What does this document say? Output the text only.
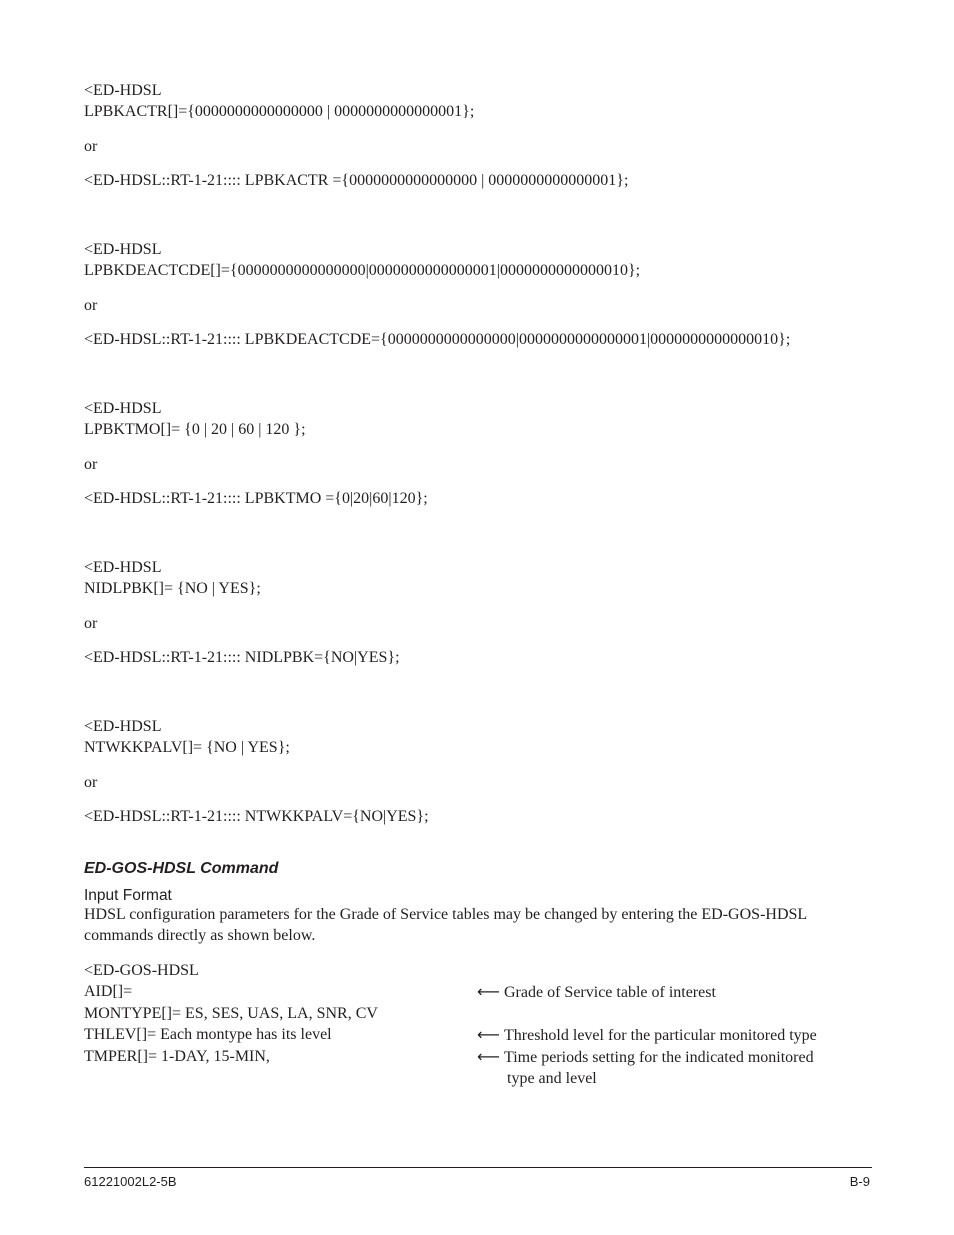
<ED-HDSL
LPBKACTR[]={0000000000000000 | 0000000000000001};
or
<ED-HDSL::RT-1-21:::: LPBKACTR ={0000000000000000 | 0000000000000001};
<ED-HDSL
LPBKDEACTCDE[]={0000000000000000|0000000000000001|0000000000000010};
or
<ED-HDSL::RT-1-21:::: LPBKDEACTCDE={0000000000000000|0000000000000001|0000000000000010};
<ED-HDSL
LPBKTMO[]= {0 | 20 | 60 | 120 };
or
<ED-HDSL::RT-1-21:::: LPBKTMO ={0|20|60|120};
<ED-HDSL
NIDLPBK[]= {NO | YES};
or
<ED-HDSL::RT-1-21:::: NIDLPBK={NO|YES};
<ED-HDSL
NTWKKPALV[]= {NO | YES};
or
<ED-HDSL::RT-1-21:::: NTWKKPALV={NO|YES};
ED-GOS-HDSL Command
Input Format
HDSL configuration parameters for the Grade of Service tables may be changed by entering the ED-GOS-HDSL
commands directly as shown below.
<ED-GOS-HDSL
AID[]=
MONTYPE[]= ES, SES, UAS, LA, SNR, CV
THLEV[]= Each montype has its level
TMPER[]= 1-DAY, 15-MIN,
⟵ Grade of Service table of interest
⟵ Threshold level for the particular monitored type
⟵ Time periods setting for the indicated monitored
type and level
61221002L2-5B	B-9
